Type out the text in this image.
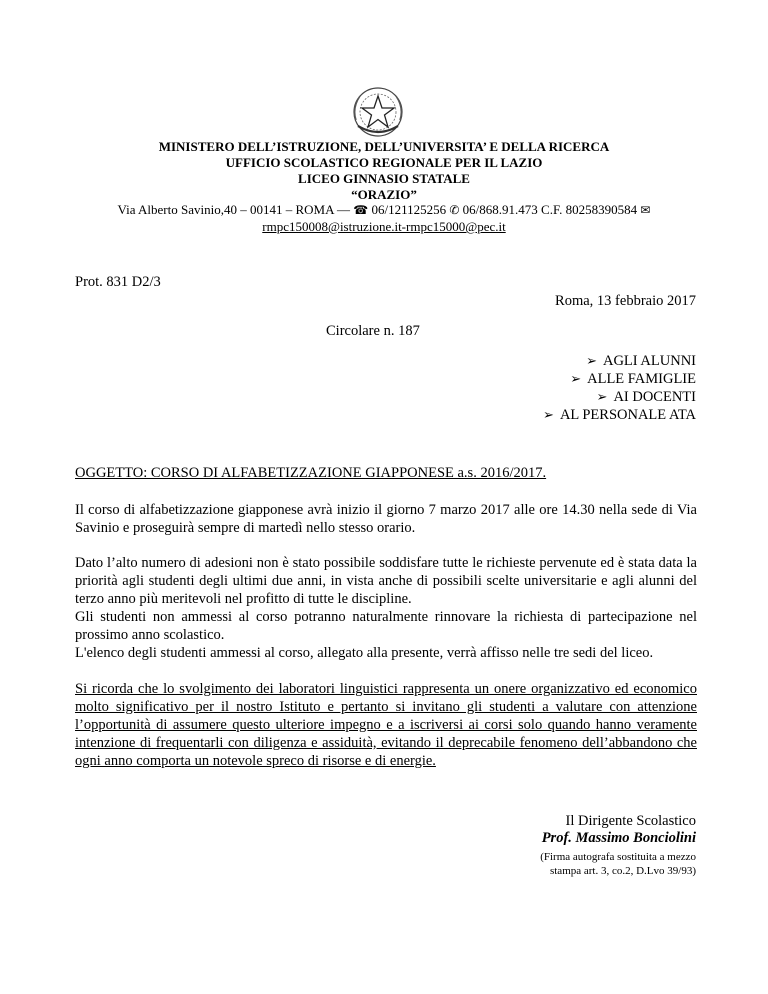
MINISTERO DELL’ISTRUZIONE, DELL’UNIVERSITA’ E DELLA RICERCA
UFFICIO SCOLASTICO REGIONALE PER IL LAZIO
LICEO GINNASIO STATALE
“ORAZIO”
Via Alberto Savinio,40 – 00141 – ROMA — ☎ 06/121125256 ✆ 06/868.91.473 C.F. 80258390584 ✉
rmpc150008@istruzione.it-rmpc15000@pec.it
Prot. 831 D2/3
Roma, 13 febbraio 2017
Circolare n. 187
➢ AGLI ALUNNI
➢ ALLE FAMIGLIE
➢ AI DOCENTI
➢ AL PERSONALE ATA
OGGETTO: CORSO DI ALFABETIZZAZIONE GIAPPONESE a.s. 2016/2017.
Il corso di alfabetizzazione giapponese avrà inizio il giorno 7 marzo 2017 alle ore 14.30 nella sede di Via Savinio e proseguirà sempre di martedì nello stesso orario.

Dato l’alto numero di adesioni non è stato possibile soddisfare tutte le richieste pervenute ed è stata data la priorità agli studenti degli ultimi due anni, in vista anche di possibili scelte universitarie e agli alunni del terzo anno più meritevoli nel profitto di tutte le discipline.

Gli studenti non ammessi al corso potranno naturalmente rinnovare la richiesta di partecipazione nel prossimo anno scolastico.

L'elenco degli studenti ammessi al corso, allegato alla presente, verrà affisso nelle tre sedi del liceo.

Si ricorda che lo svolgimento dei laboratori linguistici rappresenta un onere organizzativo ed economico molto significativo per il nostro Istituto e pertanto si invitano gli studenti a valutare con attenzione l’opportunità di assumere questo ulteriore impegno e a iscriversi ai corsi solo quando hanno veramente intenzione di frequentarli con diligenza e assiduità, evitando il deprecabile fenomeno dell’abbandono che ogni anno comporta un notevole spreco di risorse e di energie.
Il Dirigente Scolastico
Prof. Massimo Bonciolini
(Firma autografa sostituita a mezzo
stampa art. 3, co.2, D.Lvo 39/93)
